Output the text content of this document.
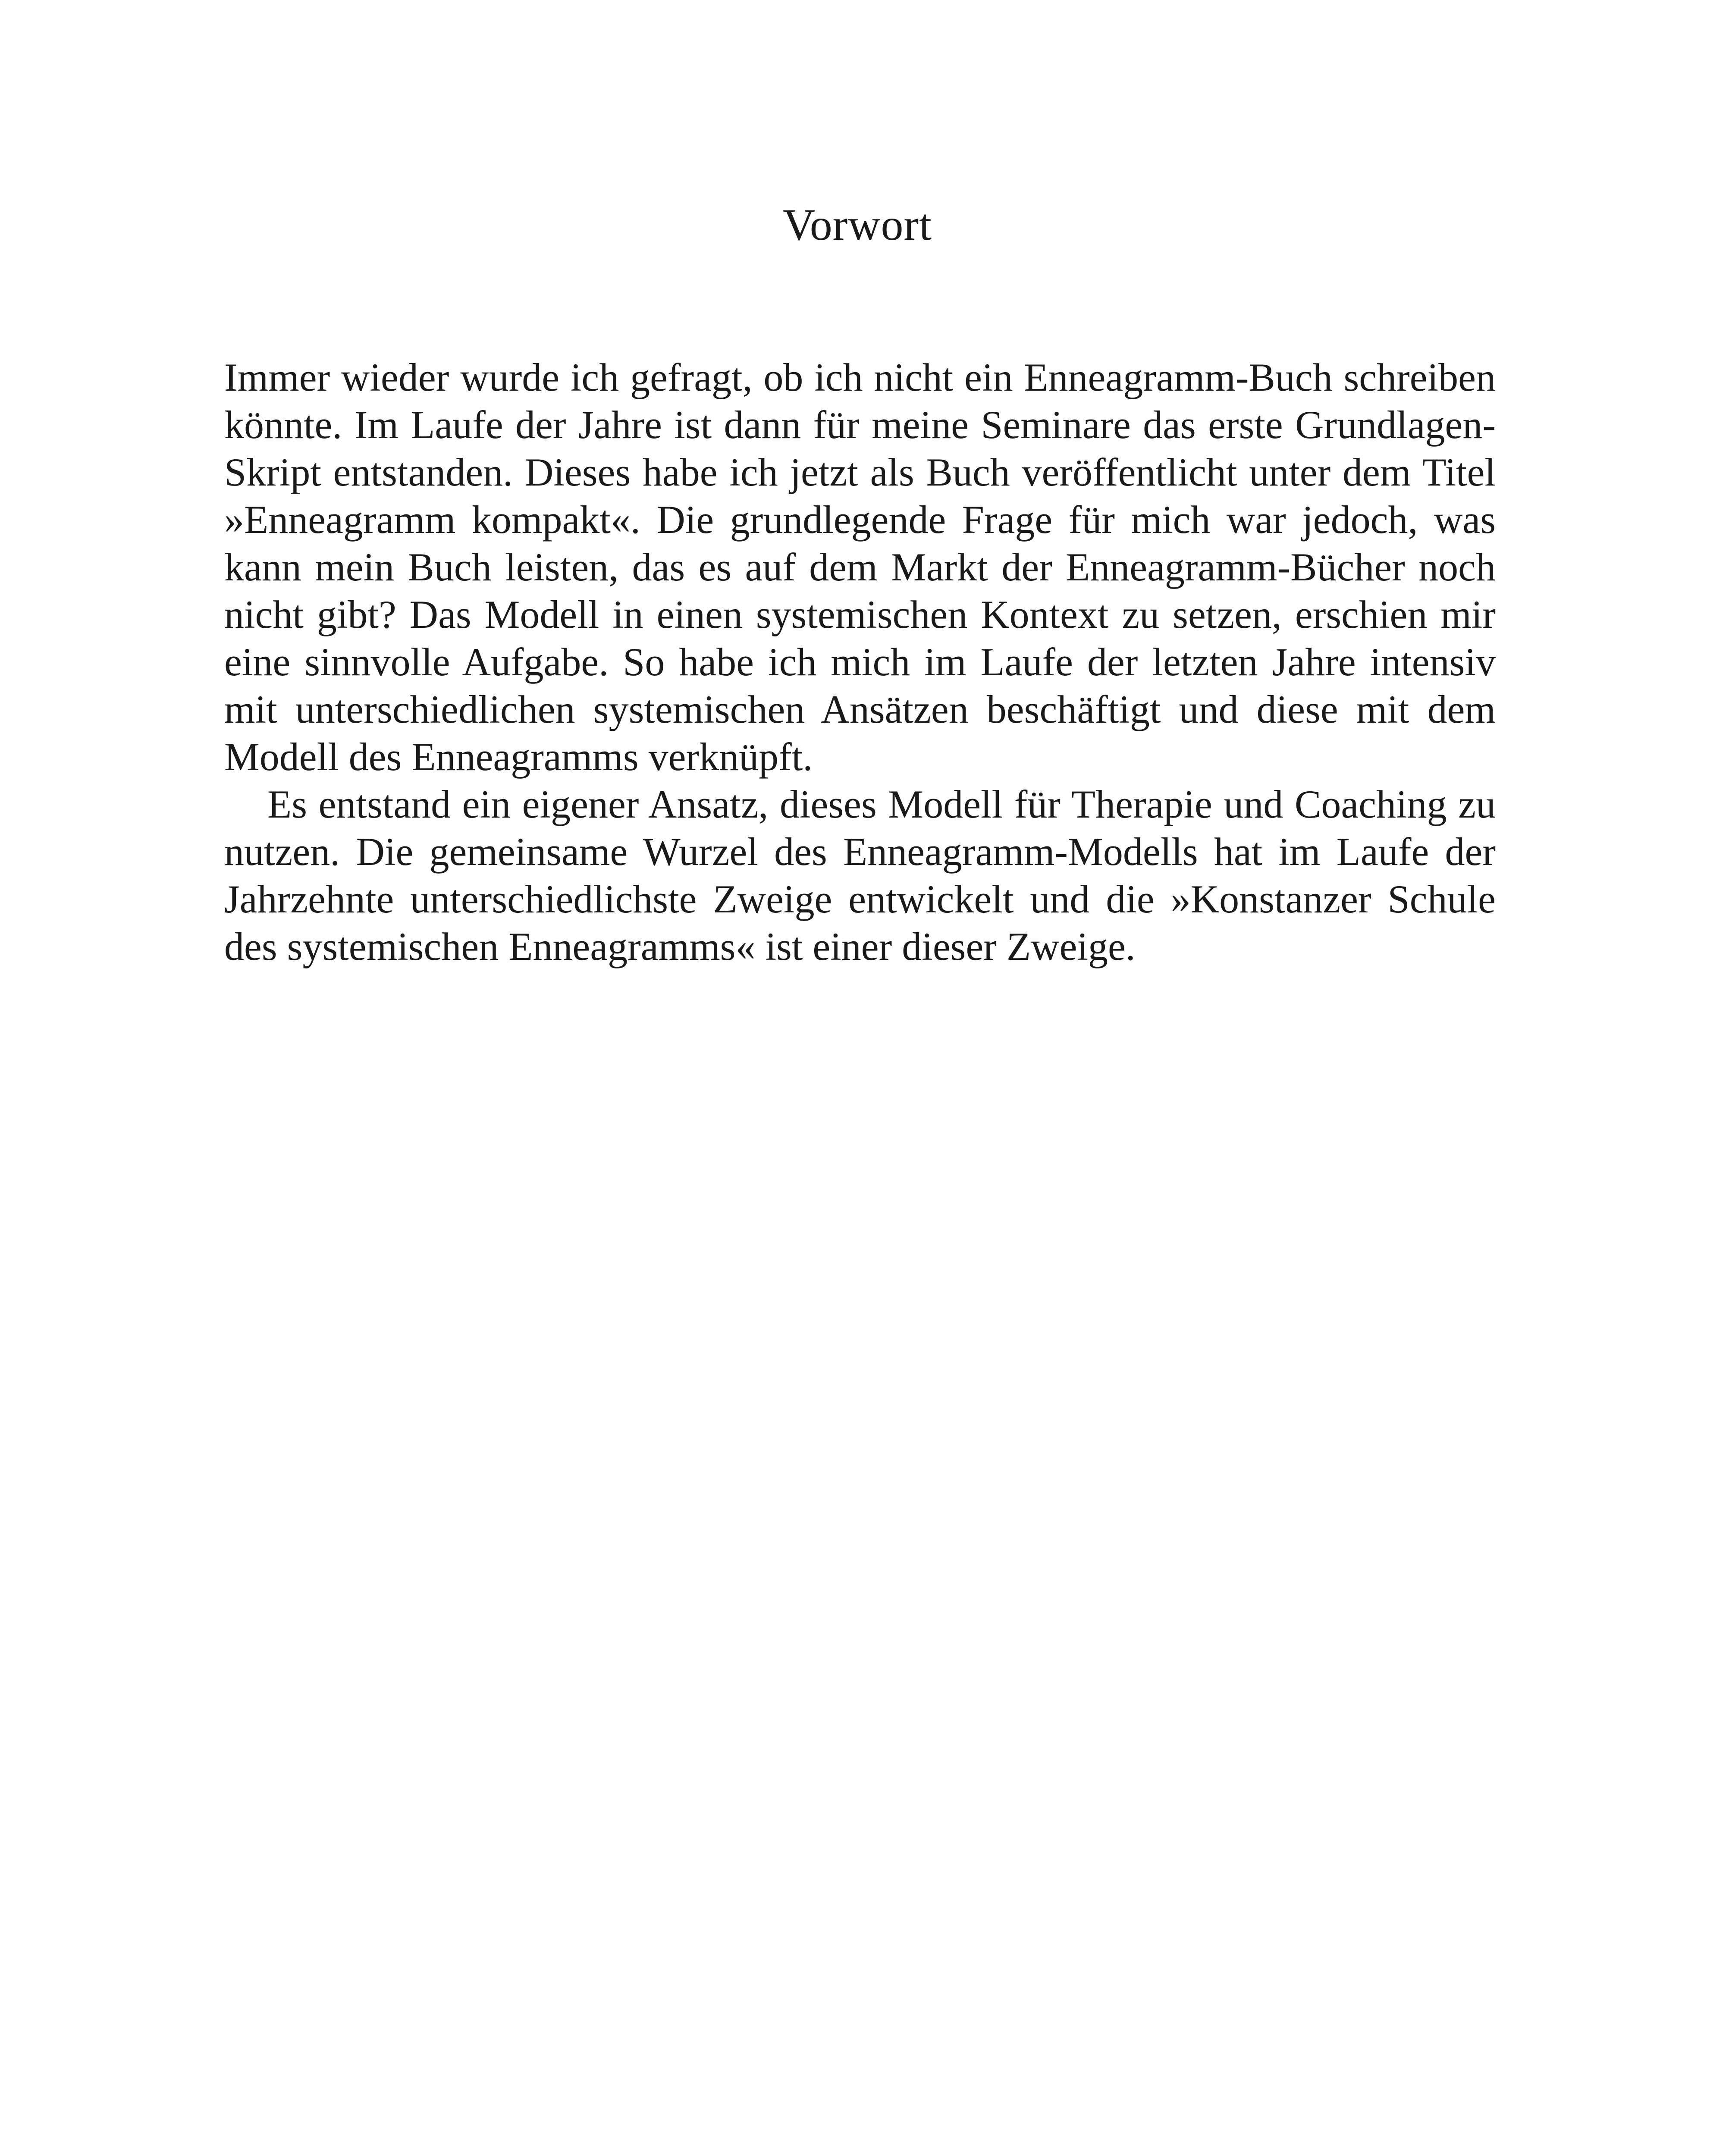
Vorwort

Immer wieder wurde ich gefragt, ob ich nicht ein Enneagramm-Buch schreiben könnte. Im Laufe der Jahre ist dann für meine Seminare das erste Grundlagen-Skript entstanden. Dieses habe ich jetzt als Buch veröffentlicht unter dem Titel »Enneagramm kompakt«. Die grundlegende Frage für mich war jedoch, was kann mein Buch leisten, das es auf dem Markt der Enneagramm-Bücher noch nicht gibt? Das Modell in einen systemischen Kontext zu setzen, erschien mir eine sinnvolle Aufgabe. So habe ich mich im Laufe der letzten Jahre intensiv mit unterschiedlichen systemischen Ansätzen beschäftigt und diese mit dem Modell des Enneagramms verknüpft.

Es entstand ein eigener Ansatz, dieses Modell für Therapie und Coaching zu nutzen. Die gemeinsame Wurzel des Enneagramm-Modells hat im Laufe der Jahrzehnte unterschiedlichste Zweige entwickelt und die »Konstanzer Schule des systemischen Enneagramms« ist einer dieser Zweige.
